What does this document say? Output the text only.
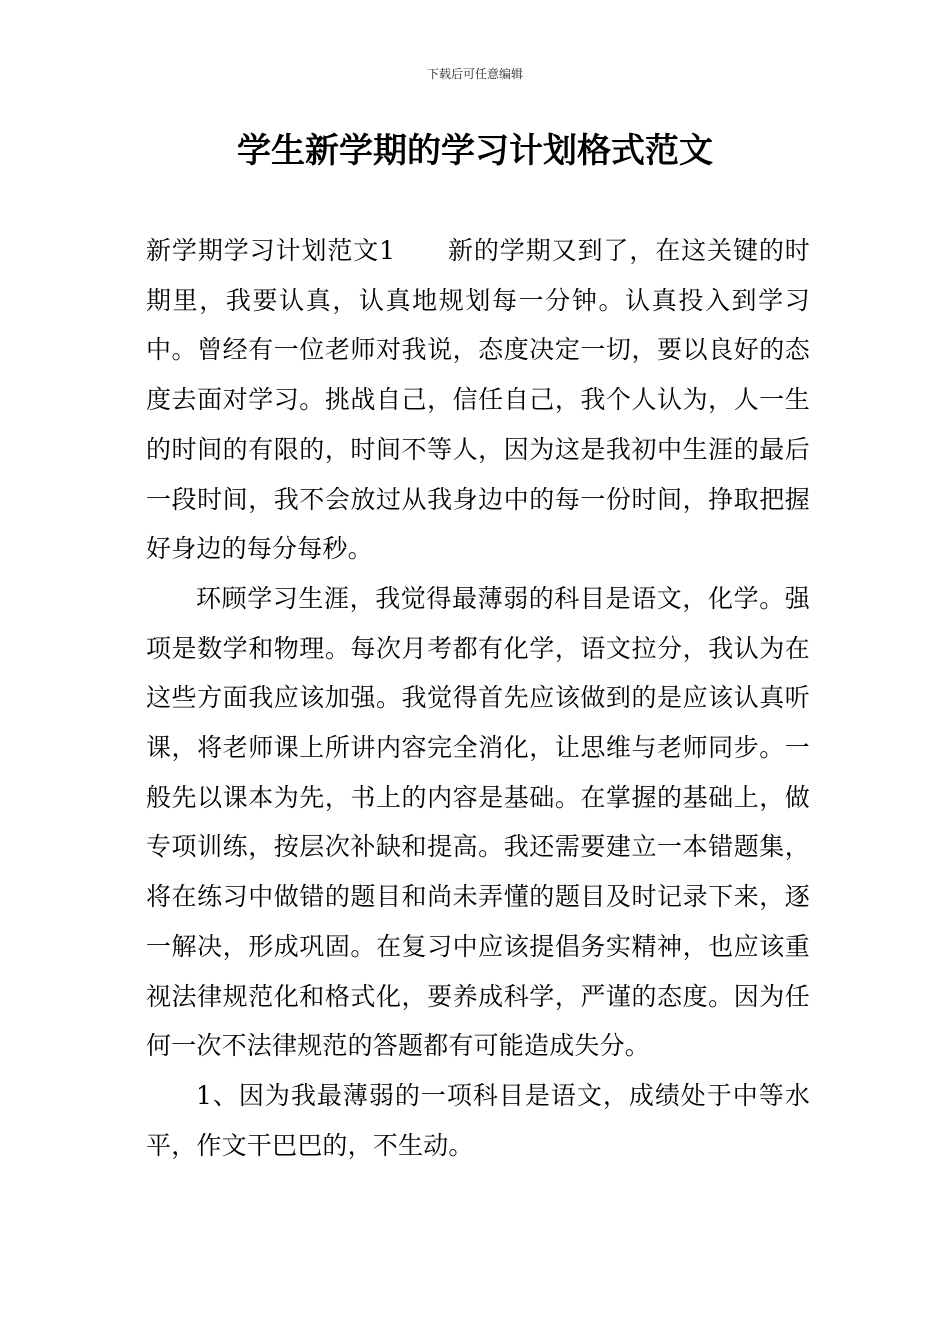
下载后可任意编辑
学生新学期的学习计划格式范文

新学期学习计划范文1 新的学期又到了，在这关键的时期里，我要认真，认真地规划每一分钟。认真投入到学习中。曾经有一位老师对我说，态度决定一切，要以良好的态度去面对学习。挑战自己，信任自己，我个人认为，人一生的时间的有限的，时间不等人，因为这是我初中生涯的最后一段时间，我不会放过从我身边中的每一份时间，挣取把握好身边的每分每秒。

环顾学习生涯，我觉得最薄弱的科目是语文，化学。强项是数学和物理。每次月考都有化学，语文拉分，我认为在这些方面我应该加强。我觉得首先应该做到的是应该认真听课，将老师课上所讲内容完全消化，让思维与老师同步。一般先以课本为先，书上的内容是基础。在掌握的基础上，做专项训练，按层次补缺和提高。我还需要建立一本错题集，将在练习中做错的题目和尚未弄懂的题目及时记录下来，逐一解决，形成巩固。在复习中应该提倡务实精神，也应该重视法律规范化和格式化，要养成科学，严谨的态度。因为任何一次不法律规范的答题都有可能造成失分。

1、因为我最薄弱的一项科目是语文，成绩处于中等水平，作文干巴巴的，不生动。
